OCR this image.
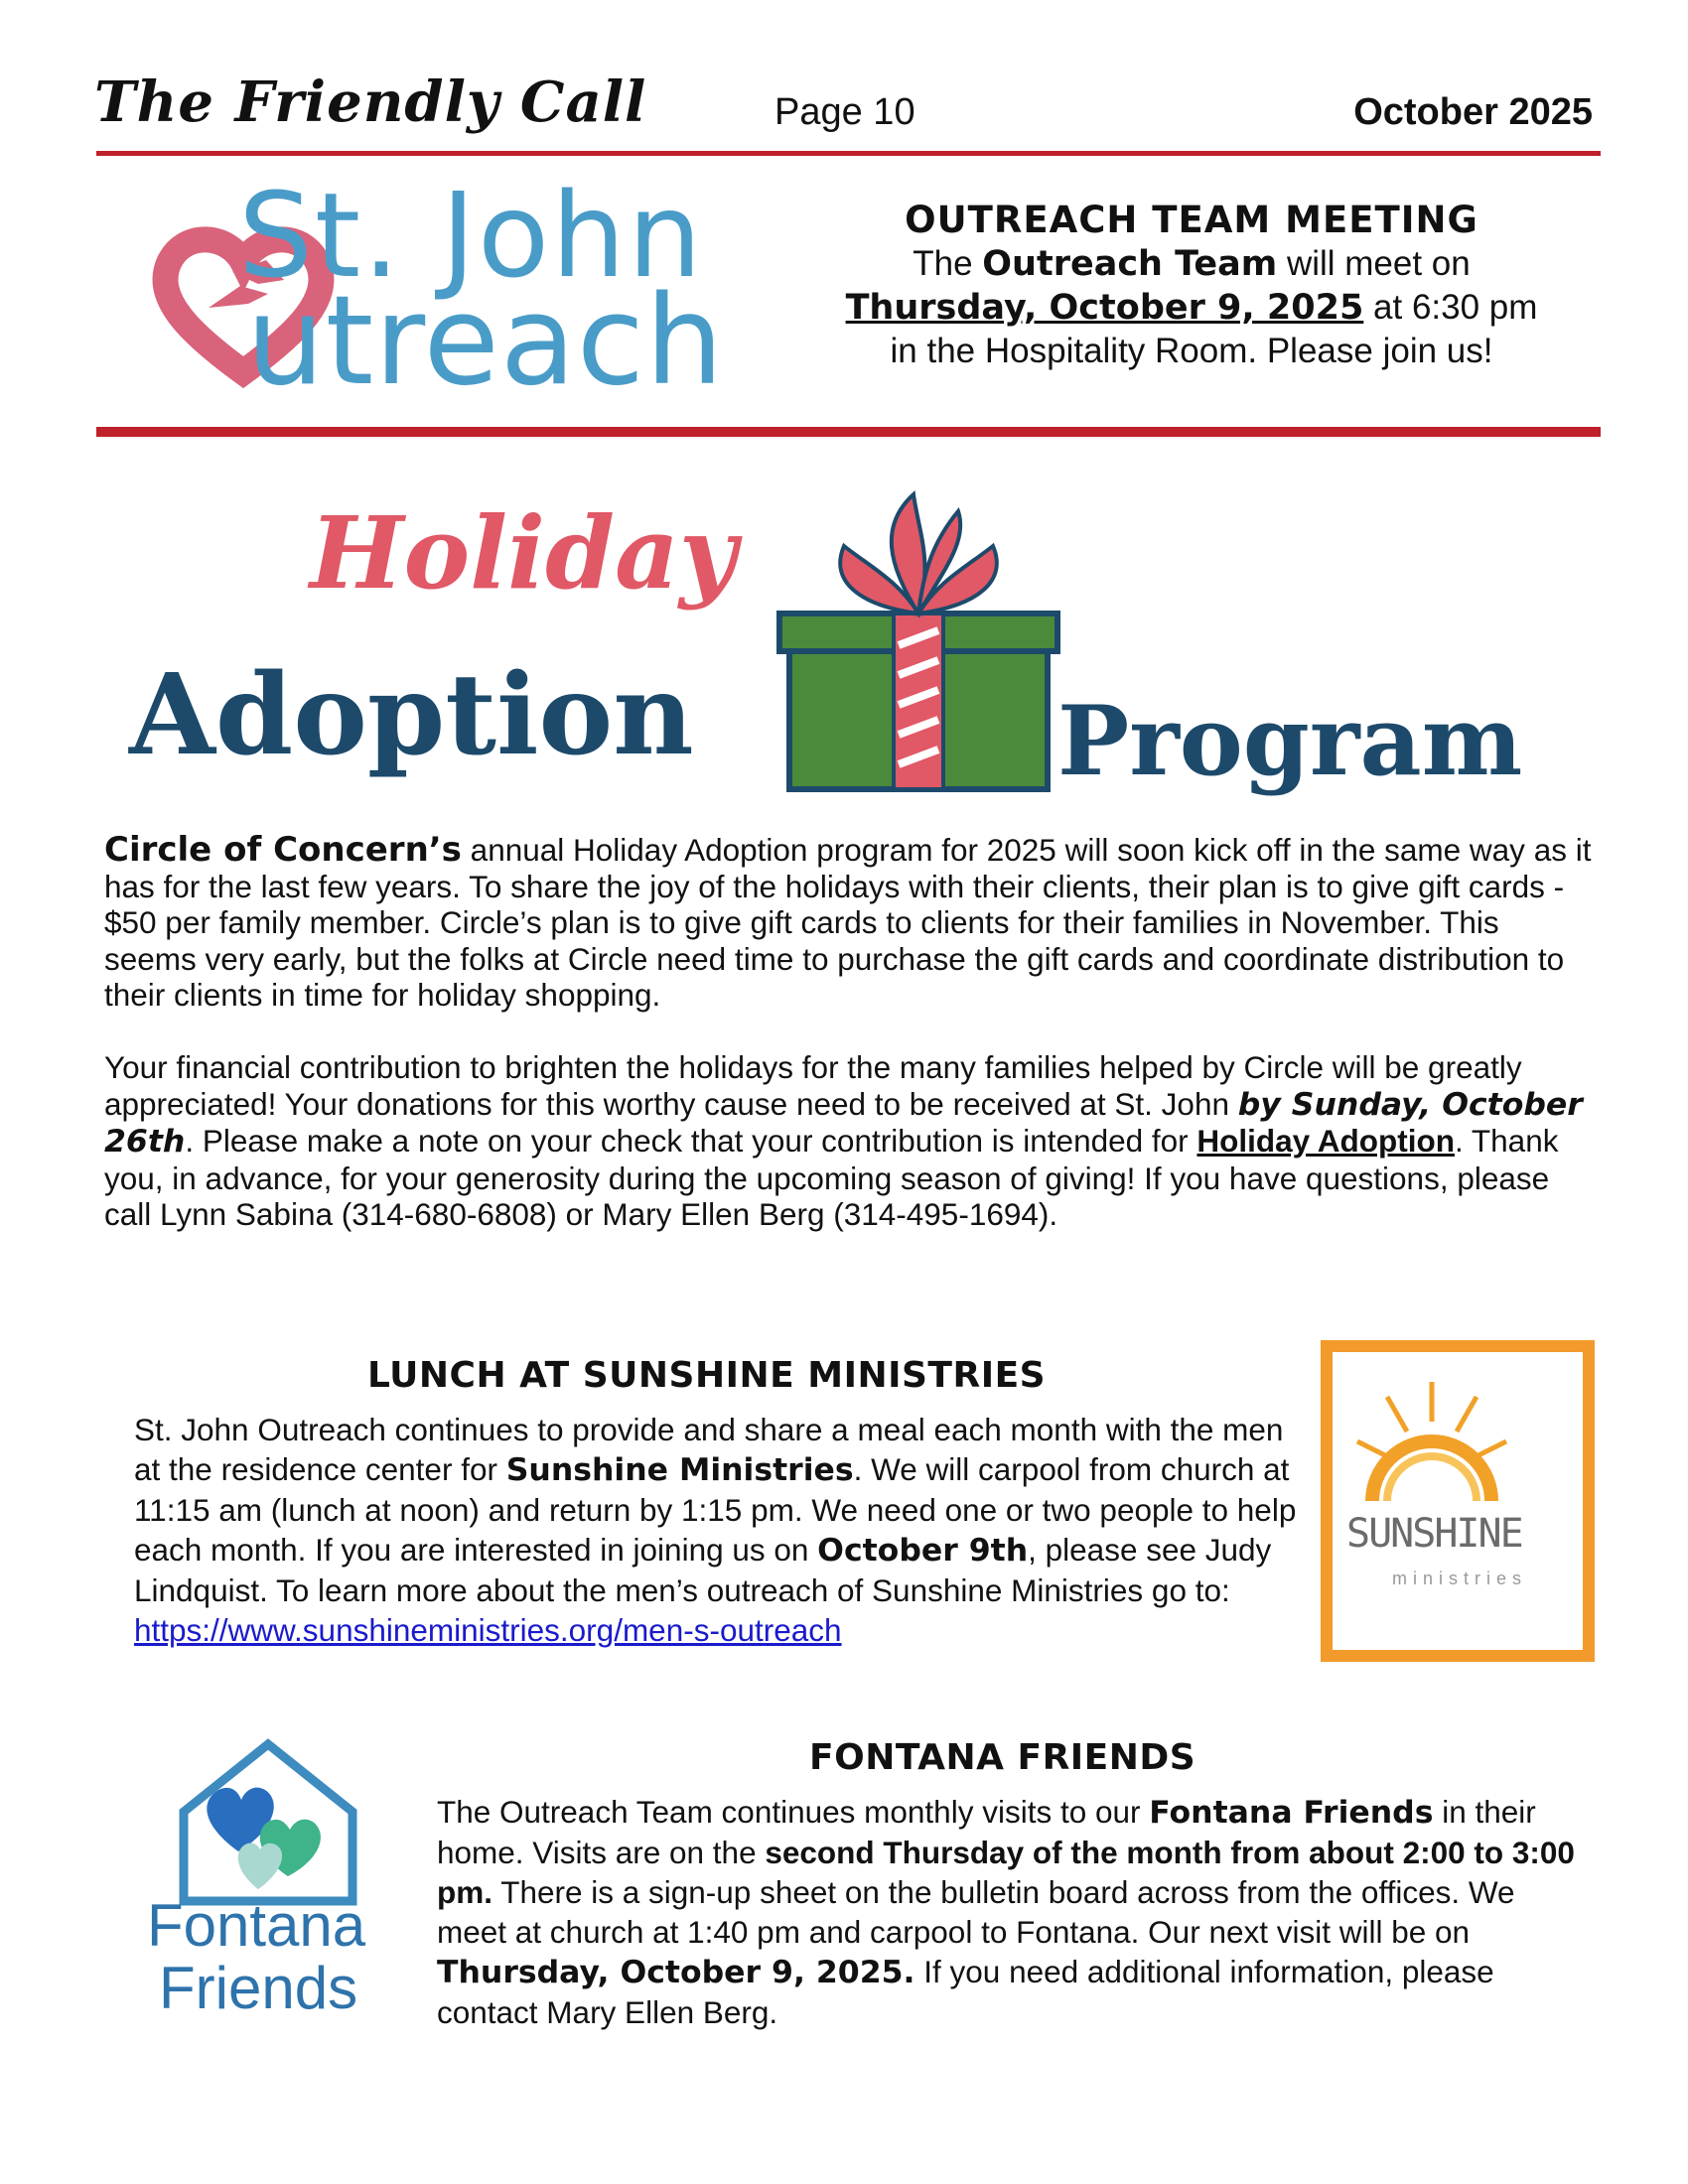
The Friendly Call	Page 10	October 2025
St. John
utreach
OUTREACH TEAM MEETING
The Outreach Team will meet on
Thursday, October 9, 2025 at 6:30 pm
in the Hospitality Room. Please join us!
Holiday
Adoption	Program
Circle of Concern’s annual Holiday Adoption program for 2025 will soon kick off in the same way as it has for the last few years. To share the joy of the holidays with their clients, their plan is to give gift cards - $50 per family member. Circle’s plan is to give gift cards to clients for their families in November. This seems very early, but the folks at Circle need time to purchase the gift cards and coordinate distribution to their clients in time for holiday shopping.
Your financial contribution to brighten the holidays for the many families helped by Circle will be greatly appreciated! Your donations for this worthy cause need to be received at St. John by Sunday, October 26th. Please make a note on your check that your contribution is intended for Holiday Adoption. Thank you, in advance, for your generosity during the upcoming season of giving! If you have questions, please call Lynn Sabina (314-680-6808) or Mary Ellen Berg (314-495-1694).
LUNCH AT SUNSHINE MINISTRIES
St. John Outreach continues to provide and share a meal each month with the men at the residence center for Sunshine Ministries. We will carpool from church at 11:15 am (lunch at noon) and return by 1:15 pm. We need one or two people to help each month. If you are interested in joining us on October 9th, please see Judy Lindquist. To learn more about the men’s outreach of Sunshine Ministries go to: https://www.sunshineministries.org/men-s-outreach
SUNSHINE
ministries
Fontana
Friends
FONTANA FRIENDS
The Outreach Team continues monthly visits to our Fontana Friends in their home. Visits are on the second Thursday of the month from about 2:00 to 3:00 pm. There is a sign-up sheet on the bulletin board across from the offices. We meet at church at 1:40 pm and carpool to Fontana. Our next visit will be on Thursday, October 9, 2025. If you need additional information, please contact Mary Ellen Berg.
